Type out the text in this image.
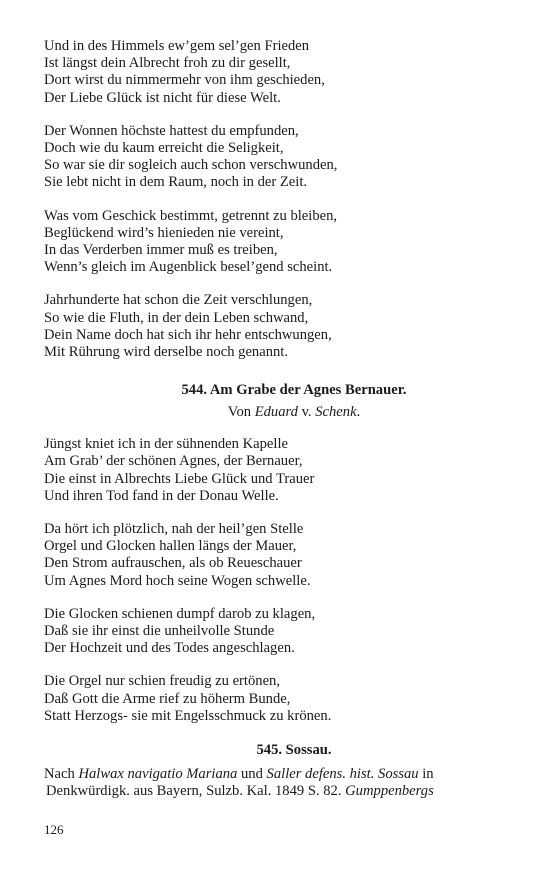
Und in des Himmels ew’gem sel’gen Frieden
Ist längst dein Albrecht froh zu dir gesellt,
Dort wirst du nimmermehr von ihm geschieden,
Der Liebe Glück ist nicht für diese Welt.
Der Wonnen höchste hattest du empfunden,
Doch wie du kaum erreicht die Seligkeit,
So war sie dir sogleich auch schon verschwunden,
Sie lebt nicht in dem Raum, noch in der Zeit.
Was vom Geschick bestimmt, getrennt zu bleiben,
Beglückend wird’s hienieden nie vereint,
In das Verderben immer muß es treiben,
Wenn’s gleich im Augenblick besel’gend scheint.
Jahrhunderte hat schon die Zeit verschlungen,
So wie die Fluth, in der dein Leben schwand,
Dein Name doch hat sich ihr hehr entschwungen,
Mit Rührung wird derselbe noch genannt.
544. Am Grabe der Agnes Bernauer.
Von Eduard v. Schenk.
Jüngst kniet ich in der sühnenden Kapelle
Am Grab’ der schönen Agnes, der Bernauer,
Die einst in Albrechts Liebe Glück und Trauer
Und ihren Tod fand in der Donau Welle.
Da hört ich plötzlich, nah der heil’gen Stelle
Orgel und Glocken hallen längs der Mauer,
Den Strom aufrauschen, als ob Reueschauer
Um Agnes Mord hoch seine Wogen schwelle.
Die Glocken schienen dumpf darob zu klagen,
Daß sie ihr einst die unheilvolle Stunde
Der Hochzeit und des Todes angeschlagen.
Die Orgel nur schien freudig zu ertönen,
Daß Gott die Arme rief zu höherm Bunde,
Statt Herzogs- sie mit Engelsschmuck zu krönen.
545. Sossau.
Nach Halwax navigatio Mariana und Saller defens. hist. Sossau in
Denkwürdigk. aus Bayern, Sulzb. Kal. 1849 S. 82. Gumppenbergs
126
